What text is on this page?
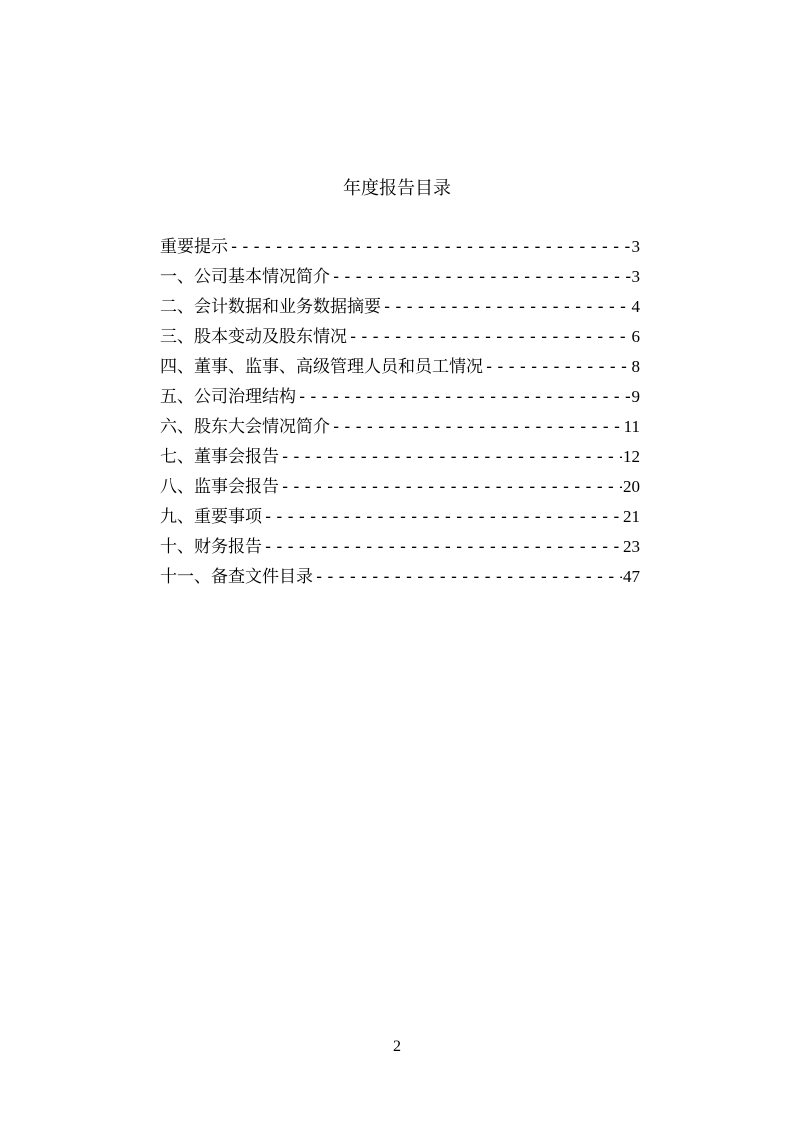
年度报告目录
重要提示 -----	3
一、公司基本情况简介 -----	3
二、会计数据和业务数据摘要 -----	4
三、股本变动及股东情况 -----	6
四、董事、监事、高级管理人员和员工情况 -----	8
五、公司治理结构 -----	9
六、股东大会情况简介 -----	11
七、董事会报告 -----	12
八、监事会报告 -----	20
九、重要事项 -----	21
十、财务报告 -----	23
十一、备查文件目录 -----	47
2
